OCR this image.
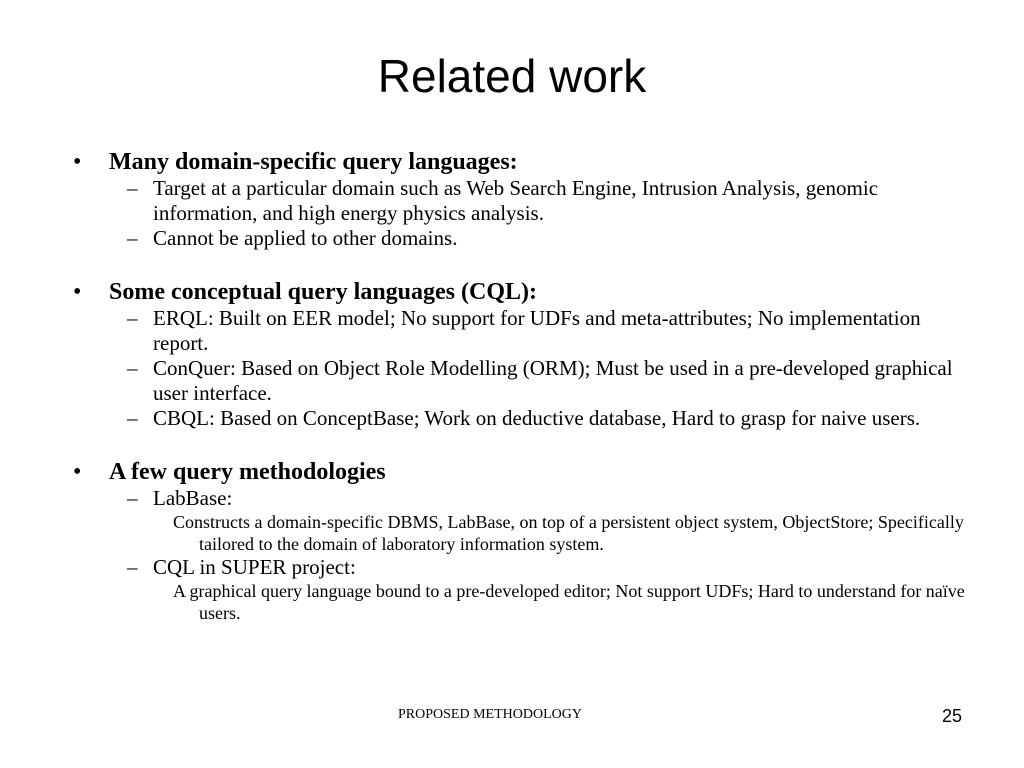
Related work
• Many domain-specific query languages:
– Target at a particular domain such as Web Search Engine, Intrusion Analysis, genomic information, and high energy physics analysis.
– Cannot be applied to other domains.
• Some conceptual query languages (CQL):
– ERQL: Built on EER model; No support for UDFs and meta-attributes; No implementation report.
– ConQuer: Based on Object Role Modelling (ORM); Must be used in a pre-developed graphical user interface.
– CBQL: Based on ConceptBase; Work on deductive database, Hard to grasp for naive users.
• A few query methodologies
– LabBase:
Constructs a domain-specific DBMS, LabBase, on top of a persistent object system, ObjectStore; Specifically tailored to the domain of laboratory information system.
– CQL in SUPER project:
A graphical query language bound to a pre-developed editor; Not support UDFs; Hard to understand for naïve users.
PROPOSED METHODOLOGY	25
